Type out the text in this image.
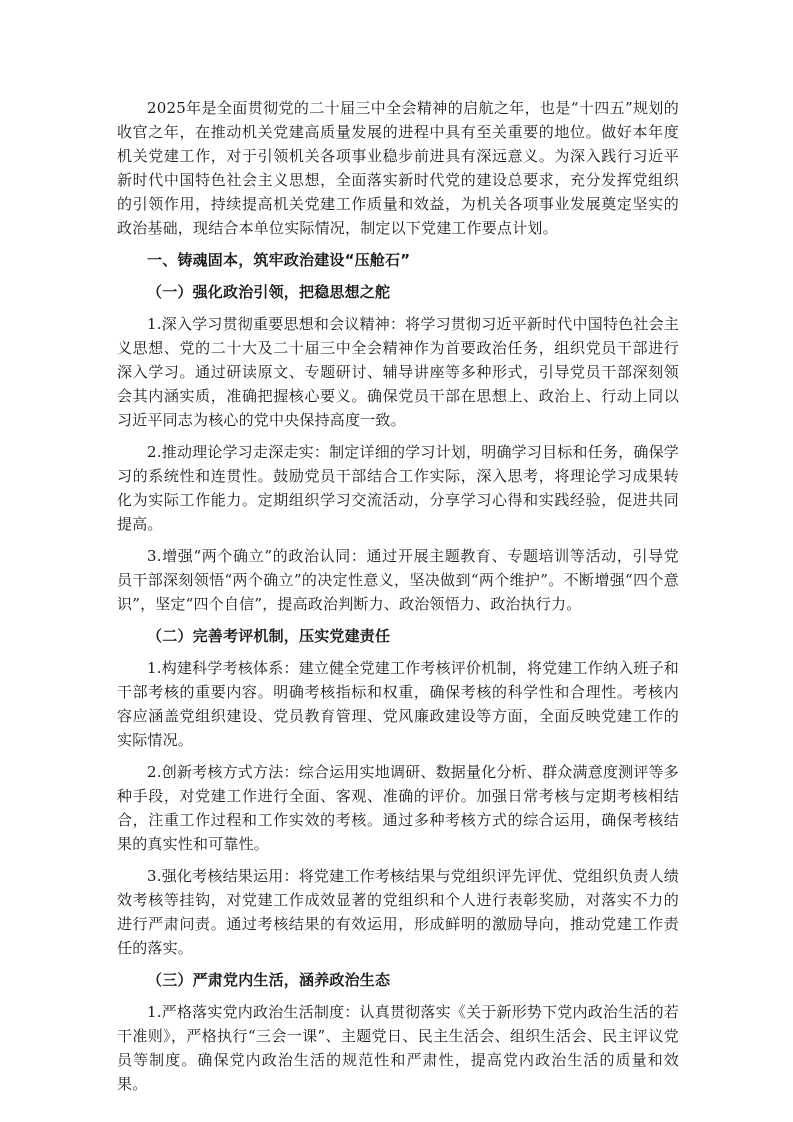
2025年是全面贯彻党的二十届三中全会精神的启航之年，也是“十四五”规划的收官之年，在推动机关党建高质量发展的进程中具有至关重要的地位。做好本年度机关党建工作，对于引领机关各项事业稳步前进具有深远意义。为深入践行习近平新时代中国特色社会主义思想，全面落实新时代党的建设总要求，充分发挥党组织的引领作用，持续提高机关党建工作质量和效益，为机关各项事业发展奠定坚实的政治基础，现结合本单位实际情况，制定以下党建工作要点计划。

一、铸魂固本，筑牢政治建设“压舱石”

（一）强化政治引领，把稳思想之舵

1.深入学习贯彻重要思想和会议精神：将学习贯彻习近平新时代中国特色社会主义思想、党的二十大及二十届三中全会精神作为首要政治任务，组织党员干部进行深入学习。通过研读原文、专题研讨、辅导讲座等多种形式，引导党员干部深刻领会其内涵实质，准确把握核心要义。确保党员干部在思想上、政治上、行动上同以习近平同志为核心的党中央保持高度一致。

2.推动理论学习走深走实：制定详细的学习计划，明确学习目标和任务，确保学习的系统性和连贯性。鼓励党员干部结合工作实际，深入思考，将理论学习成果转化为实际工作能力。定期组织学习交流活动，分享学习心得和实践经验，促进共同提高。

3.增强“两个确立”的政治认同：通过开展主题教育、专题培训等活动，引导党员干部深刻领悟“两个确立”的决定性意义，坚决做到“两个维护”。不断增强“四个意识”，坚定“四个自信”，提高政治判断力、政治领悟力、政治执行力。

（二）完善考评机制，压实党建责任

1.构建科学考核体系：建立健全党建工作考核评价机制，将党建工作纳入班子和干部考核的重要内容。明确考核指标和权重，确保考核的科学性和合理性。考核内容应涵盖党组织建设、党员教育管理、党风廉政建设等方面，全面反映党建工作的实际情况。

2.创新考核方式方法：综合运用实地调研、数据量化分析、群众满意度测评等多种手段，对党建工作进行全面、客观、准确的评价。加强日常考核与定期考核相结合，注重工作过程和工作实效的考核。通过多种考核方式的综合运用，确保考核结果的真实性和可靠性。

3.强化考核结果运用：将党建工作考核结果与党组织评先评优、党组织负责人绩效考核等挂钩，对党建工作成效显著的党组织和个人进行表彰奖励，对落实不力的进行严肃问责。通过考核结果的有效运用，形成鲜明的激励导向，推动党建工作责任的落实。

（三）严肃党内生活，涵养政治生态

1.严格落实党内政治生活制度：认真贯彻落实《关于新形势下党内政治生活的若干准则》，严格执行“三会一课”、主题党日、民主生活会、组织生活会、民主评议党员等制度。确保党内政治生活的规范性和严肃性，提高党内政治生活的质量和效果。
